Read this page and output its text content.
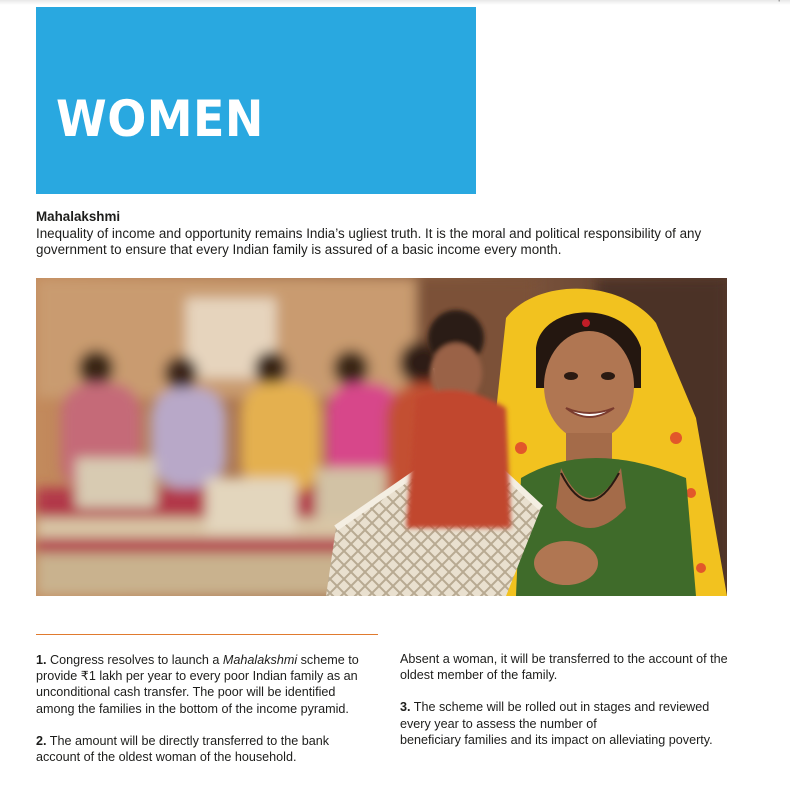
'
WOMEN
Mahalakshmi
Inequality of income and opportunity remains India’s ugliest truth. It is the moral and political responsibility of any government to ensure that every Indian family is assured of a basic income every month.

1. Congress resolves to launch a Mahalakshmi scheme to provide ₹1 lakh per year to every poor Indian family as an unconditional cash transfer. The poor will be identified among the families in the bottom of the income pyramid.

2. The amount will be directly transferred to the bank account of the oldest woman of the household.

Absent a woman, it will be transferred to the account of the oldest member of the family.

3. The scheme will be rolled out in stages and reviewed every year to assess the number of
beneficiary families and its impact on alleviating poverty.
